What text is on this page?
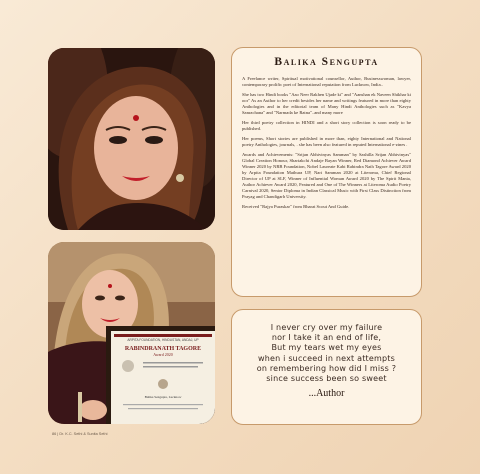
ARPITA FOUNDATION, HINDUSTAN, ANDAJ, UP
RABINDRANATH TAGORE
Award 2020
Balika Sengupta, Lucknow
Balika Sengupta

A Freelance writer, Spiritual motivational counsellor, Author, Businesswoman, lawyer, contemporary prolific poet of International reputation from Lucknow, India..

She has two Hindi books "Aao Neer Rakhen Ujade ki" and "Aanshan ek Naveen Shikhar ki oor" As an Author to her credit besides her name and writings featured in more than eighty Anthologies and in the editorial team of Many Hindi Anthologies such as "Kavya Sanrachana" and "Narmada ke Ratna"..and many more

Her third poetry collection in HINDI and a short story collection is soon ready to be published.

Her poems, Short stories are published in more than, eighty International and National poetry Anthologies, journals, . she has been also featured in reputed International e-zines .

Awards and Achievements: "Srijan Abhivinyas Samman" by Sashilla Srijan Abhivinyas" Global Creation Honour, Shartakchi Andaje Bayan Winner, Red Diamond Achiever Award Winner 2020 by NRB Foundation, Nobel Laureate Kabi Rabindra Nath Tagore Award 2020 by Arpita Foundation Mathura UP, Nari Samman 2020 at Literoma, Chief Regional Director of UP at SLF, Winner of Influential Woman Award 2020 by The Spirit Mania, Author Achiever Award 2020, Featured and One of The Winners at Literoma Audio Poetry Carnival 2020, Senior Diploma in Indian Classical Music with First Class Distinction from Prayag and Chandigarh University.

Received "Rajya Puraskar" from Bharat Scout And Guide.

I never cry over my failure
nor I take it an end of life,
But my tears wet my eyes
when i succeed in next attempts
on remembering how did I miss ?
since success been so sweet
...Author
86 | Dr. K.C. Sethi & Sunita Sethi
